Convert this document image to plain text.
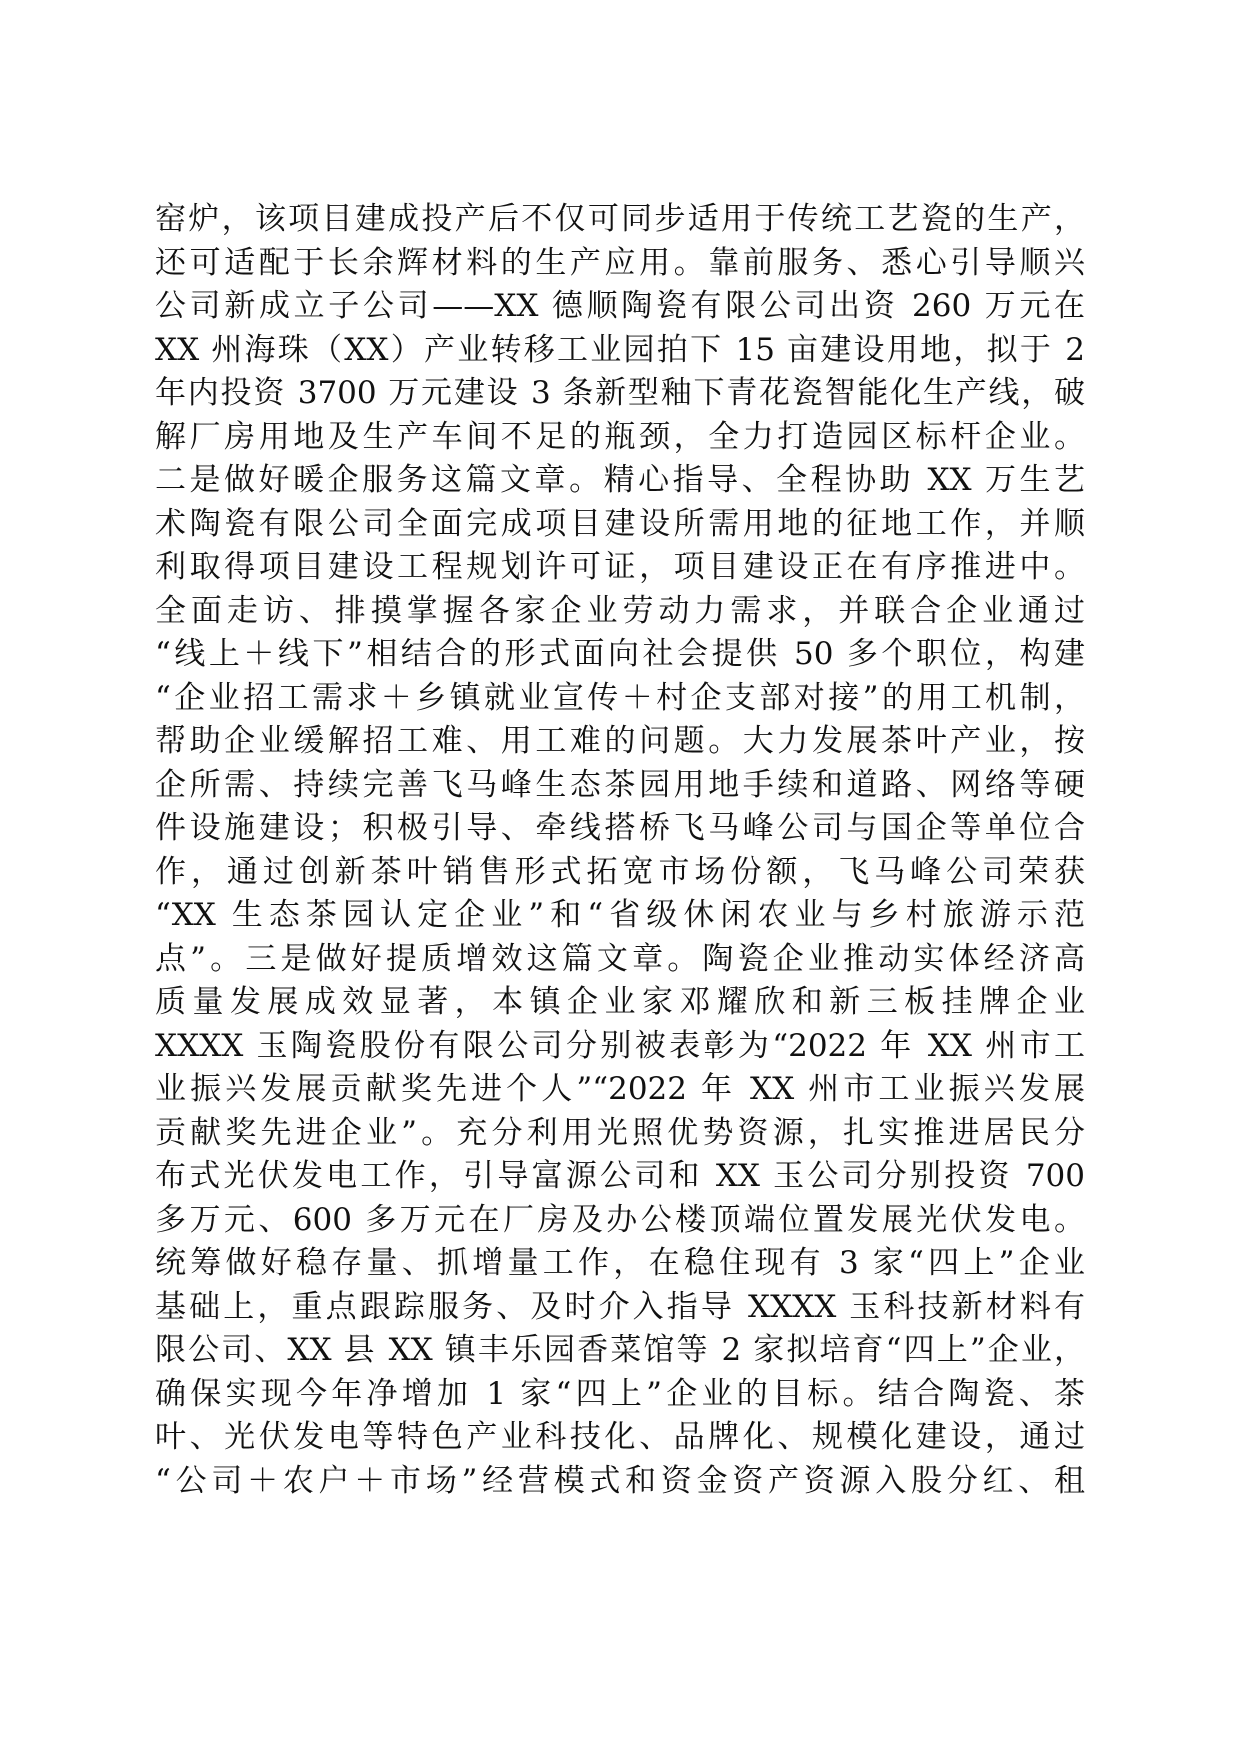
窑炉，该项目建成投产后不仅可同步适用于传统工艺瓷的生产，
还可适配于长余辉材料的生产应用。靠前服务、悉心引导顺兴
公司新成立子公司——XX 德顺陶瓷有限公司出资 260 万元在
XX 州海珠（XX）产业转移工业园拍下 15 亩建设用地，拟于 2
年内投资 3700 万元建设 3 条新型釉下青花瓷智能化生产线，破
解厂房用地及生产车间不足的瓶颈，全力打造园区标杆企业。
二是做好暖企服务这篇文章。精心指导、全程协助 XX 万生艺
术陶瓷有限公司全面完成项目建设所需用地的征地工作，并顺
利取得项目建设工程规划许可证，项目建设正在有序推进中。
全面走访、排摸掌握各家企业劳动力需求，并联合企业通过
“线上＋线下”相结合的形式面向社会提供 50 多个职位，构建
“企业招工需求＋乡镇就业宣传＋村企支部对接”的用工机制，
帮助企业缓解招工难、用工难的问题。大力发展茶叶产业，按
企所需、持续完善飞马峰生态茶园用地手续和道路、网络等硬
件设施建设；积极引导、牵线搭桥飞马峰公司与国企等单位合
作，通过创新茶叶销售形式拓宽市场份额，飞马峰公司荣获
“XX 生态茶园认定企业”和“省级休闲农业与乡村旅游示范
点”。三是做好提质增效这篇文章。陶瓷企业推动实体经济高
质量发展成效显著，本镇企业家邓耀欣和新三板挂牌企业
XXXX 玉陶瓷股份有限公司分别被表彰为“2022 年 XX 州市工
业振兴发展贡献奖先进个人”“2022 年 XX 州市工业振兴发展
贡献奖先进企业”。充分利用光照优势资源，扎实推进居民分
布式光伏发电工作，引导富源公司和 XX 玉公司分别投资 700
多万元、600 多万元在厂房及办公楼顶端位置发展光伏发电。
统筹做好稳存量、抓增量工作，在稳住现有 3 家“四上”企业
基础上，重点跟踪服务、及时介入指导 XXXX 玉科技新材料有
限公司、XX 县 XX 镇丰乐园香菜馆等 2 家拟培育“四上”企业，
确保实现今年净增加 1 家“四上”企业的目标。结合陶瓷、茶
叶、光伏发电等特色产业科技化、品牌化、规模化建设，通过
“公司＋农户＋市场”经营模式和资金资产资源入股分红、租
